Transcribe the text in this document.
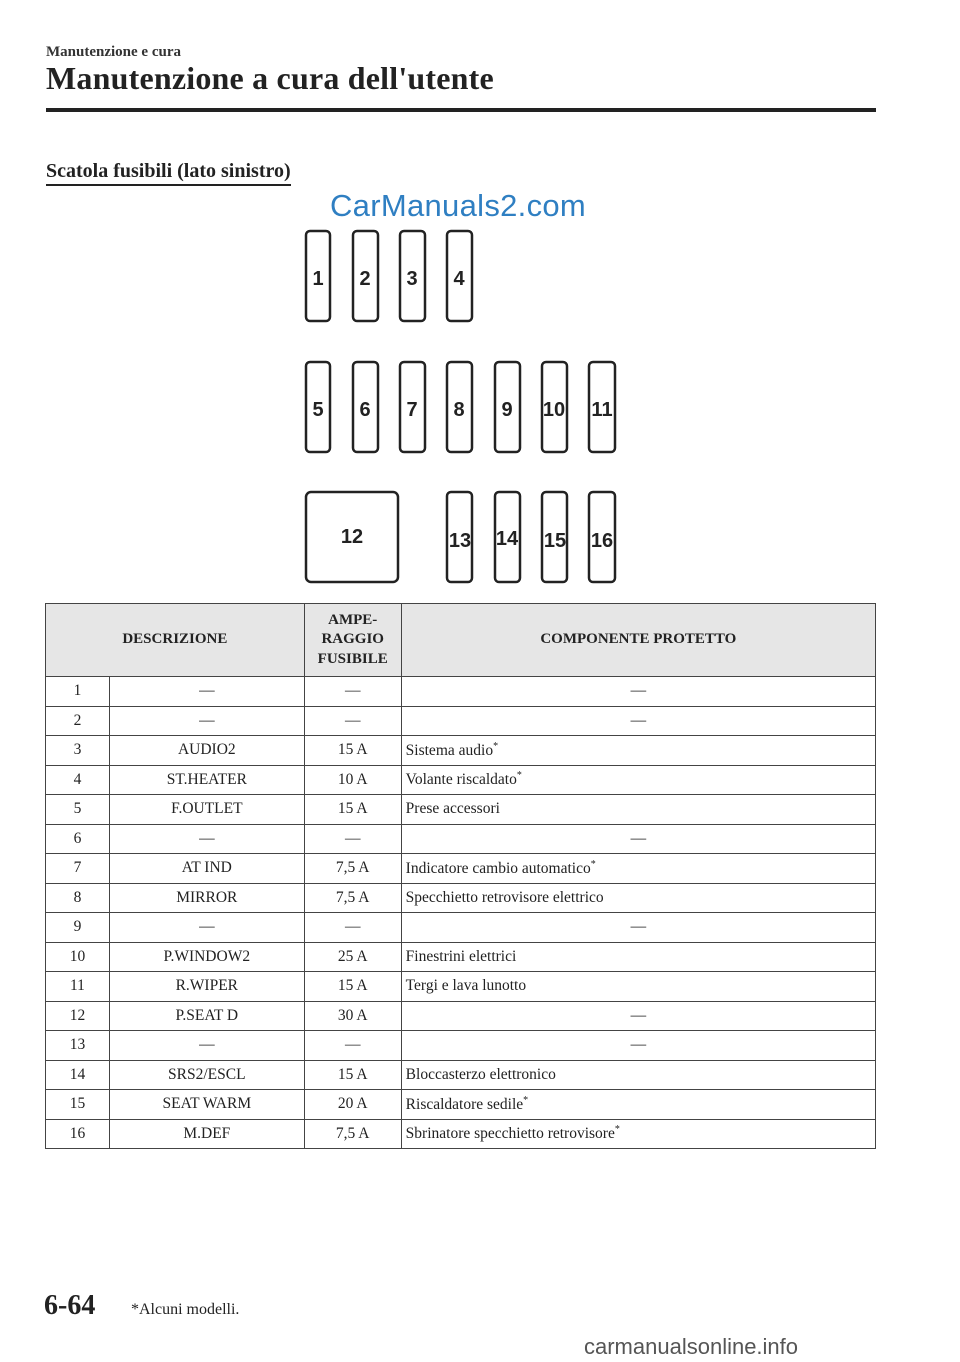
Manutenzione e cura
Manutenzione a cura dell'utente
Scatola fusibili (lato sinistro)
CarManuals2.com
1 2 3 4
5 6 7 8 9 10 11
12	13 14 15 16
DESCRIZIONE		AMPE-
RAGGIO
FUSIBILE	COMPONENTE PROTETTO
1	—	—	—
2	—	—	—
3	AUDIO2	15 A	Sistema audio*
4	ST.HEATER	10 A	Volante riscaldato*
5	F.OUTLET	15 A	Prese accessori
6	—	—	—
7	AT IND	7,5 A	Indicatore cambio automatico*
8	MIRROR	7,5 A	Specchietto retrovisore elettrico
9	—	—	—
10	P.WINDOW2	25 A	Finestrini elettrici
11	R.WIPER	15 A	Tergi e lava lunotto
12	P.SEAT D	30 A	—
13	—	—	—
14	SRS2/ESCL	15 A	Bloccasterzo elettronico
15	SEAT WARM	20 A	Riscaldatore sedile*
16	M.DEF	7,5 A	Sbrinatore specchietto retrovisore*
6-64 *Alcuni modelli.
carmanualsonline.info
